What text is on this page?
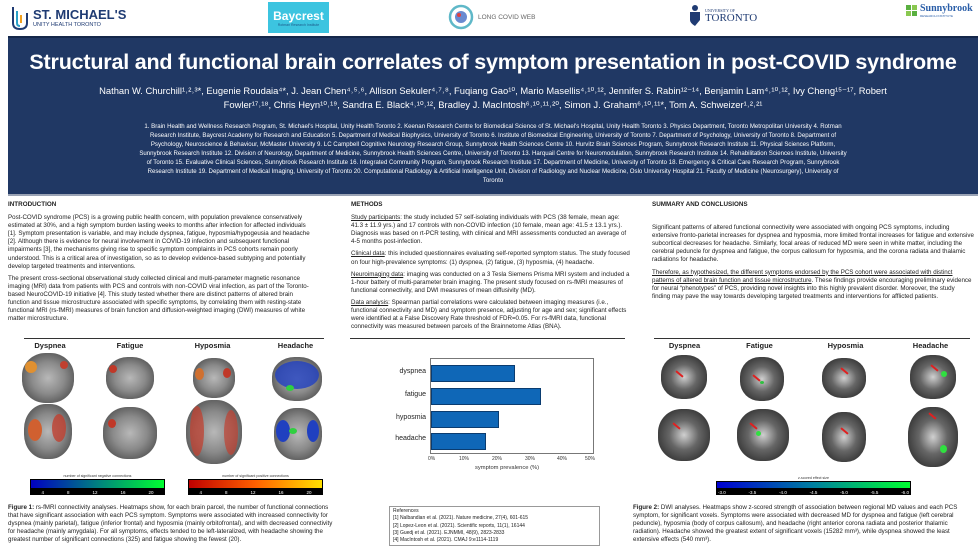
ST. MICHAEL'S
UNITY HEALTH TORONTO
Baycrest
Rotman Research Institute
LONG COVID WEB
UNIVERSITY OF
TORONTO
Sunnybrook
RESEARCH INSTITUTE
Structural and functional brain correlates of symptom presentation in post-COVID syndrome
Nathan W. Churchill¹˒²˒³*, Eugenie Roudaia⁴*, J. Jean Chen⁴˒⁵˒⁶, Allison Sekuler⁴˒⁷˒⁸, Fuqiang Gao¹⁰, Mario Masellis⁴˒¹⁰˒¹², Jennifer S. Rabin¹²⁻¹⁴, Benjamin Lam⁴˒¹⁰˒¹², Ivy Cheng¹⁵⁻¹⁷, Robert
Fowler¹⁷˒¹⁸, Chris Heyn¹⁰˒¹⁹, Sandra E. Black⁴˒¹⁰˒¹², Bradley J. MacIntosh⁶˒¹⁰˒¹¹˒²⁰, Simon J. Graham⁶˒¹⁰˒¹¹*, Tom A. Schweizer¹˒²˒²¹
1. Brain Health and Wellness Research Program, St. Michael's Hospital, Unity Health Toronto 2. Keenan Research Centre for Biomedical Science of St. Michael's Hospital, Unity Health Toronto 3. Physics Department, Toronto Metropolitan University 4. Rotman Research Institute, Baycrest Academy for Research and Education 5. Department of Medical Biophysics, University of Toronto 6. Institute of Biomedical Engineering, University of Toronto 7. Department of Psychology, University of Toronto 8. Department of Psychology, Neuroscience & Behaviour, McMaster University 9. LC Campbell Cognitive Neurology Research Group, Sunnybrook Health Sciences Centre 10. Hurvitz Brain Sciences Program, Sunnybrook Research Institute 11. Physical Sciences Platform, Sunnybrook Research Institute 12. Division of Neurology, Department of Medicine, Sunnybrook Health Sciences Centre, University of Toronto 13. Harquail Centre for Neuromodulation, Sunnybrook Research Institute 14. Rehabilitation Sciences Institute, University of Toronto 15. Evaluative Clinical Sciences, Sunnybrook Research Institute 16. Integrated Community Program, Sunnybrook Research Institute 17. Department of Medicine, University of Toronto 18. Emergency & Critical Care Research Program, Sunnybrook Research Institute 19. Department of Medical Imaging, University of Toronto 20. Computational Radiology & Artificial Intelligence Unit, Division of Radiology and Nuclear Medicine, Oslo University Hospital 21. Faculty of Medicine (Neurosurgery), University of Toronto
INTRODUCTION

Post-COVID syndrome (PCS) is a growing public health concern, with population prevalence conservatively estimated at 30%, and a high symptom burden lasting weeks to months after infection for affected individuals [1]. Symptom presentation is variable, and may include dyspnea, fatigue, hyposmia/hypogeusia and headache [2]. Although there is evidence for neural involvement in COVID-19 infection and subsequent functional impairments [3], the mechanisms giving rise to specific symptom complaints in PCS cohorts remain poorly understood. This is a critical area of investigation, so as to develop evidence-based subtyping and potentially develop targeted treatments and interventions.

The present cross-sectional observational study collected clinical and multi-parameter magnetic resonance imaging (MRI) data from patients with PCS and controls with non-COVID viral infection, as part of the Toronto-based NeuroCOVID-19 initiative [4]. This study tested whether there are distinct patterns of altered brain function and tissue microstructure associated with specific symptoms, by correlating them with resting-state functional MRI (rs-fMRI) measures of brain function and diffusion-weighted imaging (DWI) measures of white matter microstructure.

METHODS

Study participants: the study included 57 self-isolating individuals with PCS (38 female, mean age: 41.3 ± 11.9 yrs.) and 17 controls with non-COVID infection (10 female, mean age: 41.5 ± 13.1 yrs.). Diagnosis was based on rt-PCR testing, with clinical and MRI assessments conducted an average of 4-5 months post-infection.

Clinical data: this included questionnaires evaluating self-reported symptom status. The study focused on four high-prevalence symptoms: (1) dyspnea, (2) fatigue, (3) hyposmia, (4) headache.

Neuroimaging data: imaging was conducted on a 3 Tesla Siemens Prisma MRI system and included a 1-hour battery of multi-parameter brain imaging. The present study focused on rs-fMRI measures of functional connectivity, and DWI measures of mean diffusivity (MD).

Data analysis: Spearman partial correlations were calculated between imaging measures (i.e., functional connectivity and MD) and symptom presence, adjusting for age and sex; significant effects were identified at a False Discovery Rate threshold of FDR=0.05. For rs-fMRI data, functional connectivity was measured between parcels of the Brainnetome Atlas (BNA).

SUMMARY AND CONCLUSIONS

Significant patterns of altered functional connectivity were associated with ongoing PCS symptoms, including extensive fronto-parietal increases for dyspnea and hyposmia, more limited frontal increases for fatigue and extensive subcortical decreases for headache. Similarly, focal areas of reduced MD were seen in white matter, including the cerebral peduncle for dyspnea and fatigue, the corpus callosum for hyposmia, and the corona radiata and thalamic radiations for headache.

Therefore, as hypothesized, the different symptoms endorsed by the PCS cohort were associated with distinct patterns of altered brain function and tissue microstructure. These findings provide encouraging preliminary evidence for neural “phenotypes” of PCS, providing novel insights into this highly prevalent disorder. Moreover, the study finding may pave the way towards developing targeted treatments and interventions for afflicted patients.

Dyspnea	Fatigue	Hyposmia	Headache
number of significant negative connections
4	8	12	16	20
number of significant positive connections
4	8	12	16	20
Figure 1: rs-fMRI connectivity analyses. Heatmaps show, for each brain parcel, the number of functional connections that have significant association with each PCS symptom. Symptoms were associated with increased connectivity for dyspnea (mainly parietal), fatigue (inferior frontal) and hyposmia (mainly orbitofrontal), and with decreased connectivity for headache (mainly amygdala). For all symptoms, effects tended to be left-lateralized, with headache showing the greatest number of significant connections (325) and fatigue showing the fewest (20).
dyspnea
fatigue
hyposmia
headache
0%	10%	20%	30%	40%	50%
symptom prevalence (%)
References
[1] Nalbandian et al. (2021). Nature medicine, 27(4), 601-615
[2] Lopez-Leon et al. (2021). Scientific reports, 11(1), 16144
[3] Guedj et al. (2021). EJNMMI, 48(9), 2823-2833
[4] MacIntosh et al. (2021). CMAJ 9:e1114-1119
Dyspnea	Fatigue	Hyposmia	Headache
z-scored effect size
-3.0	-3.5	-4.0	-4.5	-5.0	-5.5	-6.0
Figure 2: DWI analyses. Heatmaps show z-scored strength of association between regional MD values and each PCS symptom, for significant voxels. Symptoms were associated with decreased MD for dyspnea and fatigue (left cerebral peduncle), hyposmia (body of corpus callosum), and headache (right anterior corona radiata and posterior thalamic radiation). Headache showed the greatest extent of significant voxels (15282 mm³), while dyspnea showed the least extensive effects (540 mm³).
